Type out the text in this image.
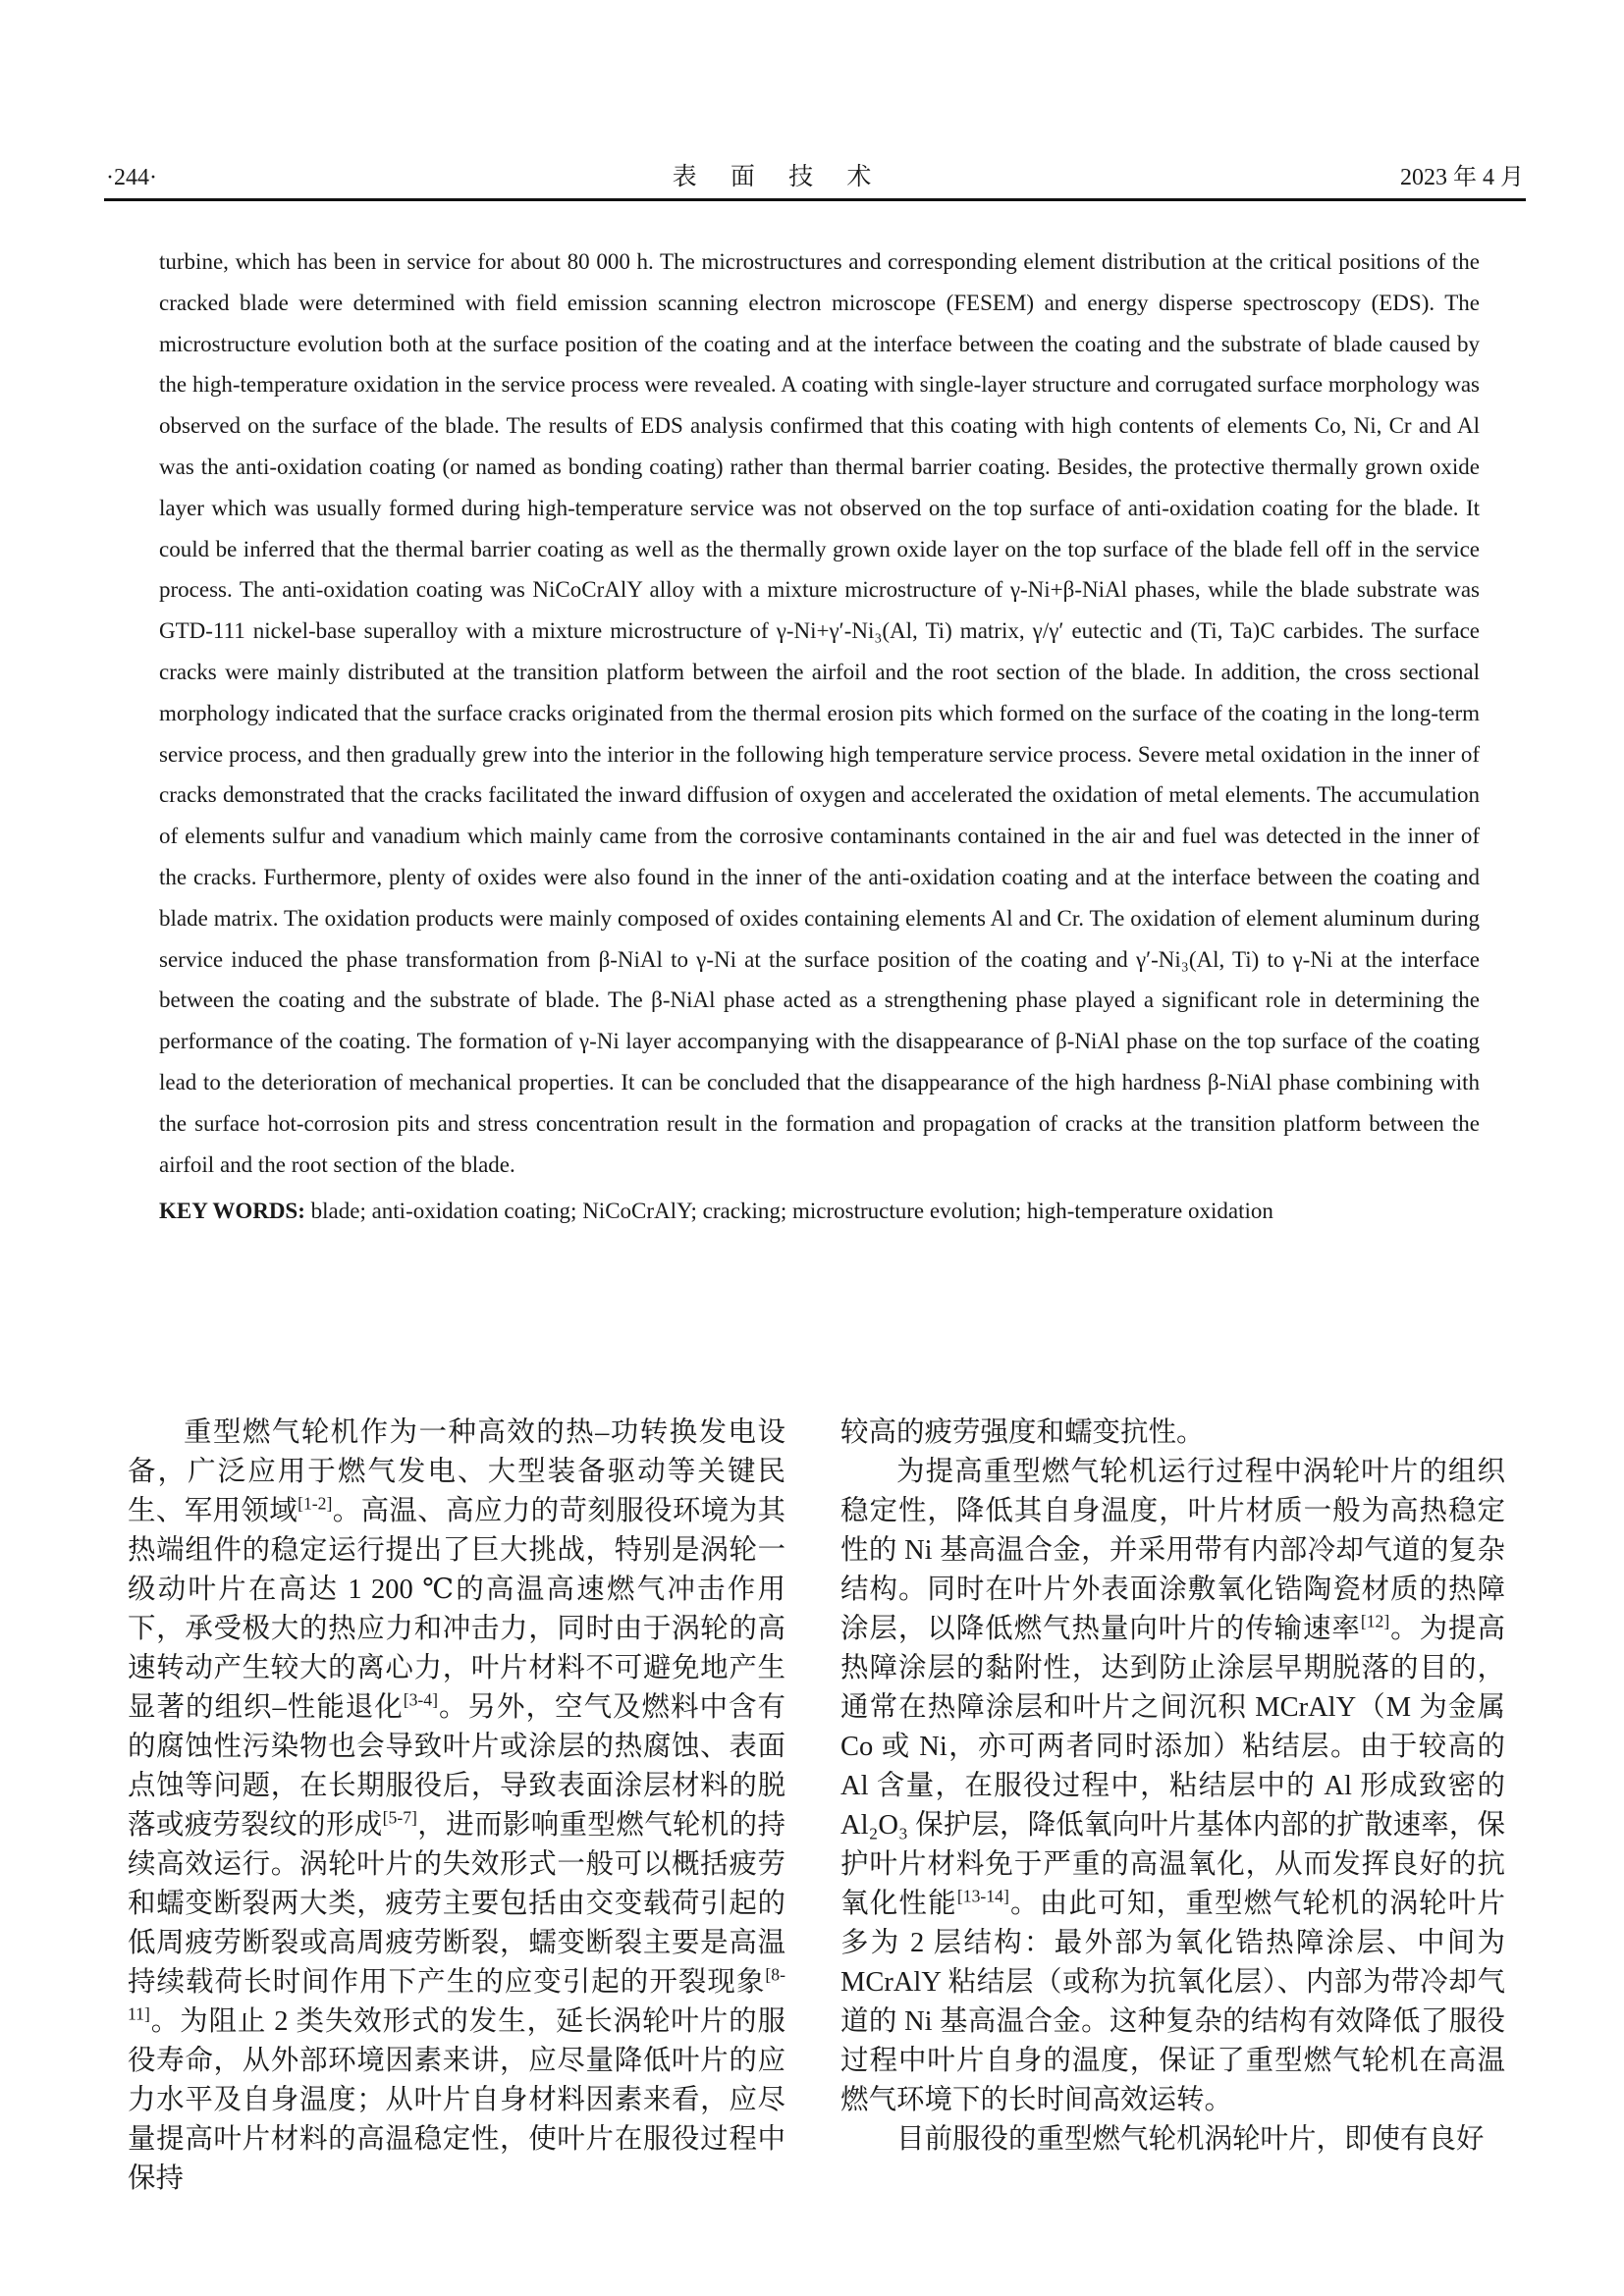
·244·	表 面 技 术	2023 年 4 月

turbine, which has been in service for about 80 000 h. The microstructures and corresponding element distribution at the critical positions of the cracked blade were determined with field emission scanning electron microscope (FESEM) and energy disperse spectroscopy (EDS). The microstructure evolution both at the surface position of the coating and at the interface between the coating and the substrate of blade caused by the high-temperature oxidation in the service process were revealed. A coating with single-layer structure and corrugated surface morphology was observed on the surface of the blade. The results of EDS analysis confirmed that this coating with high contents of elements Co, Ni, Cr and Al was the anti-oxidation coating (or named as bonding coating) rather than thermal barrier coating. Besides, the protective thermally grown oxide layer which was usually formed during high-temperature service was not observed on the top surface of anti-oxidation coating for the blade. It could be inferred that the thermal barrier coating as well as the thermally grown oxide layer on the top surface of the blade fell off in the service process. The anti-oxidation coating was NiCoCrAlY alloy with a mixture microstructure of γ-Ni+β-NiAl phases, while the blade substrate was GTD-111 nickel-base superalloy with a mixture microstructure of γ-Ni+γ′-Ni₃(Al, Ti) matrix, γ/γ′ eutectic and (Ti, Ta)C carbides. The surface cracks were mainly distributed at the transition platform between the airfoil and the root section of the blade. In addition, the cross sectional morphology indicated that the surface cracks originated from the thermal erosion pits which formed on the surface of the coating in the long-term service process, and then gradually grew into the interior in the following high temperature service process. Severe metal oxidation in the inner of cracks demonstrated that the cracks facilitated the inward diffusion of oxygen and accelerated the oxidation of metal elements. The accumulation of elements sulfur and vanadium which mainly came from the corrosive contaminants contained in the air and fuel was detected in the inner of the cracks. Furthermore, plenty of oxides were also found in the inner of the anti-oxidation coating and at the interface between the coating and blade matrix. The oxidation products were mainly composed of oxides containing elements Al and Cr. The oxidation of element aluminum during service induced the phase transformation from β-NiAl to γ-Ni at the surface position of the coating and γ′-Ni₃(Al, Ti) to γ-Ni at the interface between the coating and the substrate of blade. The β-NiAl phase acted as a strengthening phase played a significant role in determining the performance of the coating. The formation of γ-Ni layer accompanying with the disappearance of β-NiAl phase on the top surface of the coating lead to the deterioration of mechanical properties. It can be concluded that the disappearance of the high hardness β-NiAl phase combining with the surface hot-corrosion pits and stress concentration result in the formation and propagation of cracks at the transition platform between the airfoil and the root section of the blade.

KEY WORDS: blade; anti-oxidation coating; NiCoCrAlY; cracking; microstructure evolution; high-temperature oxidation

重型燃气轮机作为一种高效的热–功转换发电设备，广泛应用于燃气发电、大型装备驱动等关键民生、军用领域[1-2]。高温、高应力的苛刻服役环境为其热端组件的稳定运行提出了巨大挑战，特别是涡轮一级动叶片在高达 1 200 ℃的高温高速燃气冲击作用下，承受极大的热应力和冲击力，同时由于涡轮的高速转动产生较大的离心力，叶片材料不可避免地产生显著的组织–性能退化[3-4]。另外，空气及燃料中含有的腐蚀性污染物也会导致叶片或涂层的热腐蚀、表面点蚀等问题，在长期服役后，导致表面涂层材料的脱落或疲劳裂纹的形成[5-7]，进而影响重型燃气轮机的持续高效运行。涡轮叶片的失效形式一般可以概括疲劳和蠕变断裂两大类，疲劳主要包括由交变载荷引起的低周疲劳断裂或高周疲劳断裂，蠕变断裂主要是高温持续载荷长时间作用下产生的应变引起的开裂现象[8-11]。为阻止 2 类失效形式的发生，延长涡轮叶片的服役寿命，从外部环境因素来讲，应尽量降低叶片的应力水平及自身温度；从叶片自身材料因素来看，应尽量提高叶片材料的高温稳定性，使叶片在服役过程中保持

较高的疲劳强度和蠕变抗性。

为提高重型燃气轮机运行过程中涡轮叶片的组织稳定性，降低其自身温度，叶片材质一般为高热稳定性的 Ni 基高温合金，并采用带有内部冷却气道的复杂结构。同时在叶片外表面涂敷氧化锆陶瓷材质的热障涂层，以降低燃气热量向叶片的传输速率[12]。为提高热障涂层的黏附性，达到防止涂层早期脱落的目的，通常在热障涂层和叶片之间沉积 MCrAlY（M 为金属 Co 或 Ni，亦可两者同时添加）粘结层。由于较高的 Al 含量，在服役过程中，粘结层中的 Al 形成致密的 Al₂O₃ 保护层，降低氧向叶片基体内部的扩散速率，保护叶片材料免于严重的高温氧化，从而发挥良好的抗氧化性能[13-14]。由此可知，重型燃气轮机的涡轮叶片多为 2 层结构：最外部为氧化锆热障涂层、中间为 MCrAlY 粘结层（或称为抗氧化层）、内部为带冷却气道的 Ni 基高温合金。这种复杂的结构有效降低了服役过程中叶片自身的温度，保证了重型燃气轮机在高温燃气环境下的长时间高效运转。

目前服役的重型燃气轮机涡轮叶片，即使有良好
